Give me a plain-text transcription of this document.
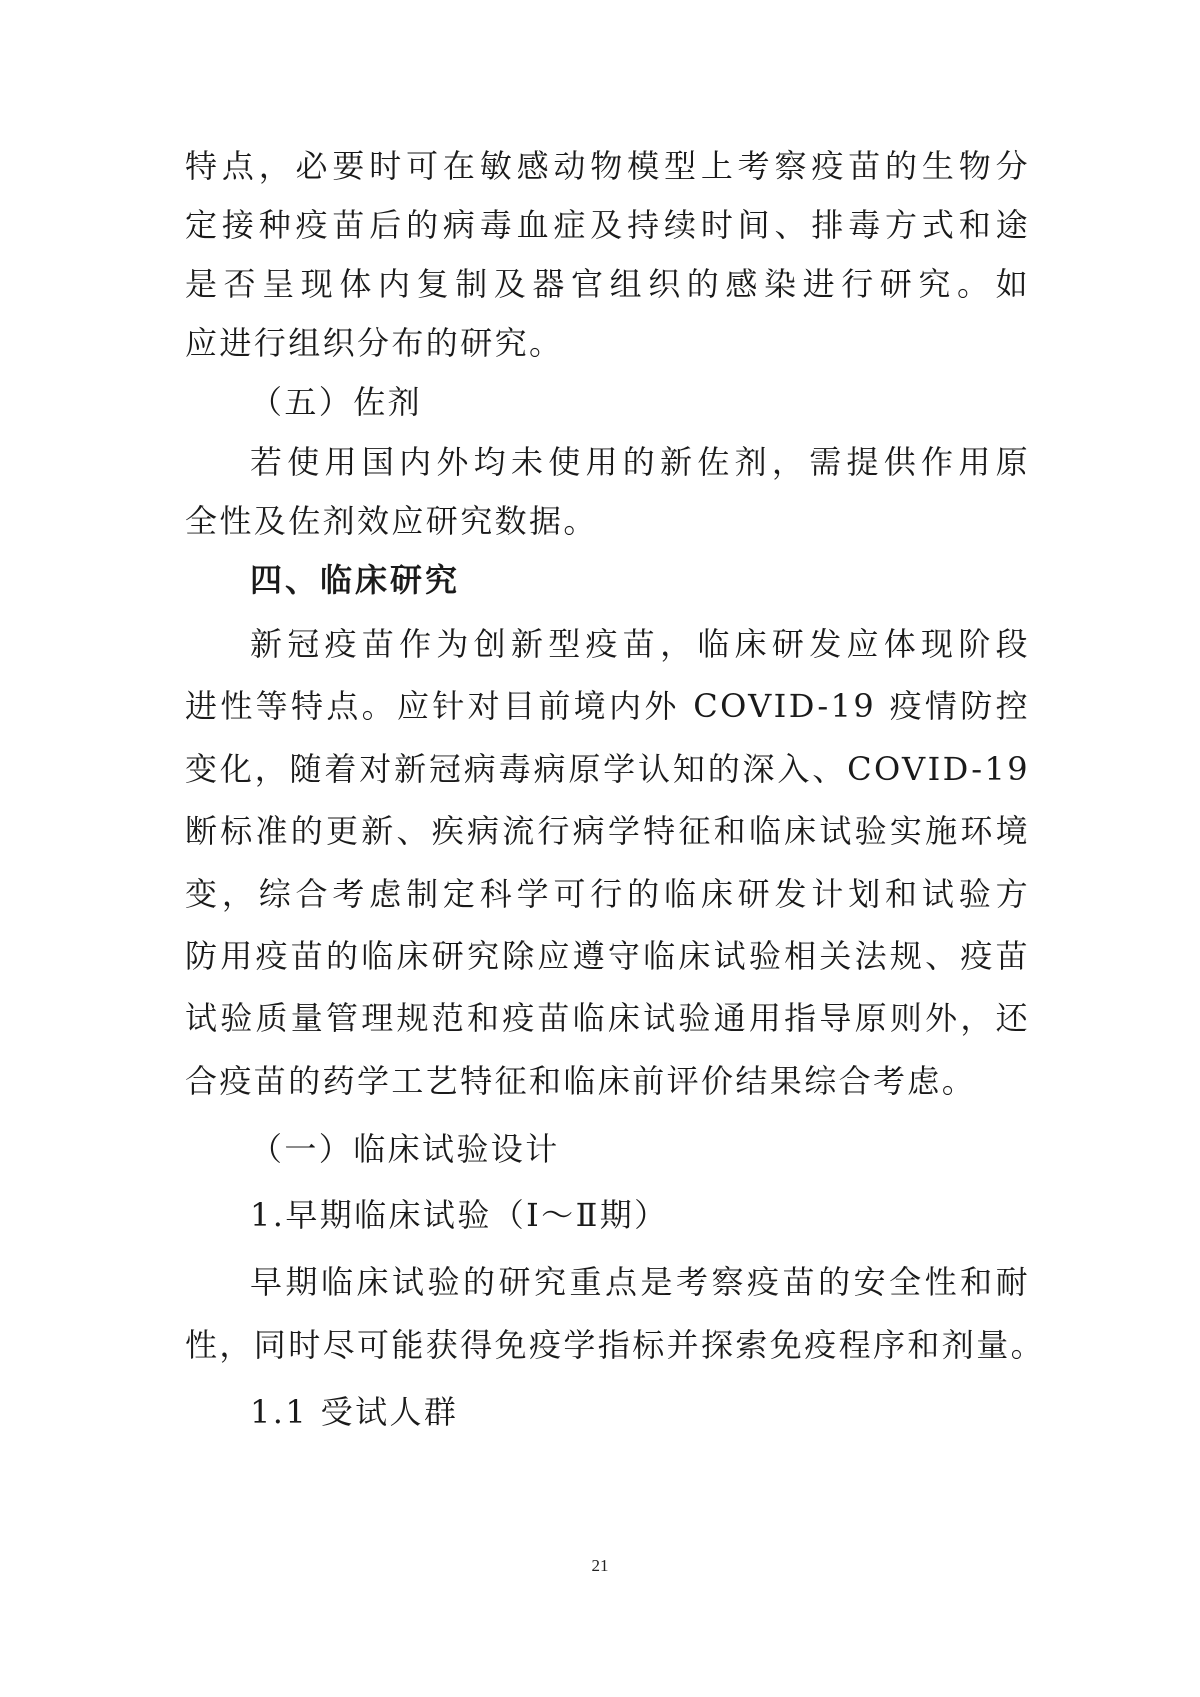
特点，必要时可在敏感动物模型上考察疫苗的生物分
定接种疫苗后的病毒血症及持续时间、排毒方式和途
是否呈现体内复制及器官组织的感染进行研究。如
应进行组织分布的研究。
（五）佐剂
若使用国内外均未使用的新佐剂，需提供作用原
全性及佐剂效应研究数据。
四、临床研究
新冠疫苗作为创新型疫苗，临床研发应体现阶段
进性等特点。应针对目前境内外 COVID-19 疫情防控
变化，随着对新冠病毒病原学认知的深入、COVID-19
断标准的更新、疾病流行病学特征和临床试验实施环境
变，综合考虑制定科学可行的临床研发计划和试验方
防用疫苗的临床研究除应遵守临床试验相关法规、疫苗
试验质量管理规范和疫苗临床试验通用指导原则外，还
合疫苗的药学工艺特征和临床前评价结果综合考虑。
（一）临床试验设计
1.早期临床试验（Ⅰ～Ⅱ期）
早期临床试验的研究重点是考察疫苗的安全性和耐
性，同时尽可能获得免疫学指标并探索免疫程序和剂量。
1.1 受试人群
21
